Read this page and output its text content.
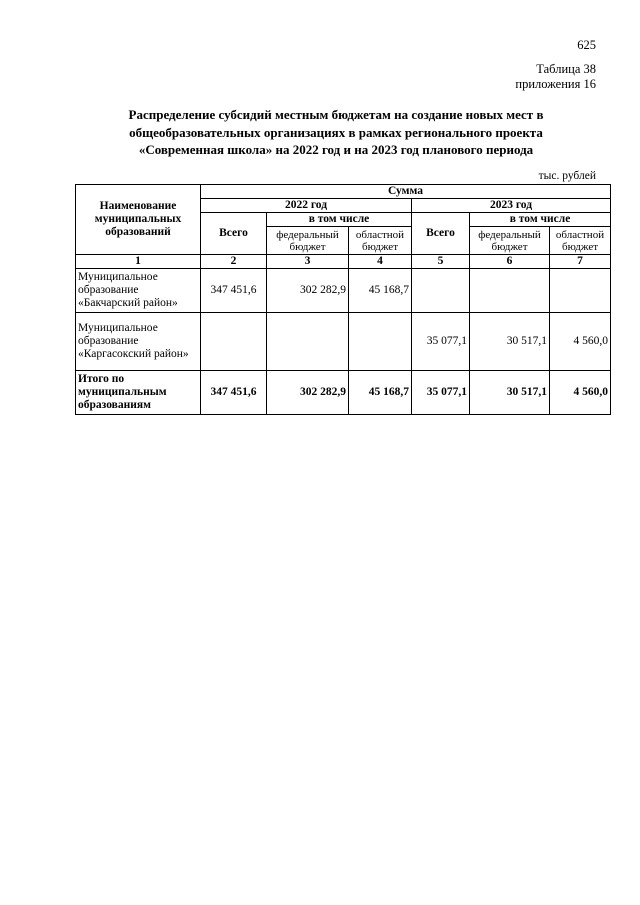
625
Таблица 38
приложения 16
Распределение субсидий местным бюджетам на создание новых мест в
общеобразовательных организациях в рамках регионального проекта
«Современная школа» на 2022 год и на 2023 год планового периода
тыс. рублей
Наименование муниципальных образований	Сумма					
	2022 год			2023 год		
	Всего	в том числе		Всего	в том числе	
		федеральный бюджет	областной бюджет		федеральный бюджет	областной бюджет
1	2	3	4	5	6	7
Муниципальное образование «Бакчарский район»	347 451,6	302 282,9	45 168,7			
Муниципальное образование «Каргасокский район»				35 077,1	30 517,1	4 560,0
Итого по муниципальным образованиям	347 451,6	302 282,9	45 168,7	35 077,1	30 517,1	4 560,0
